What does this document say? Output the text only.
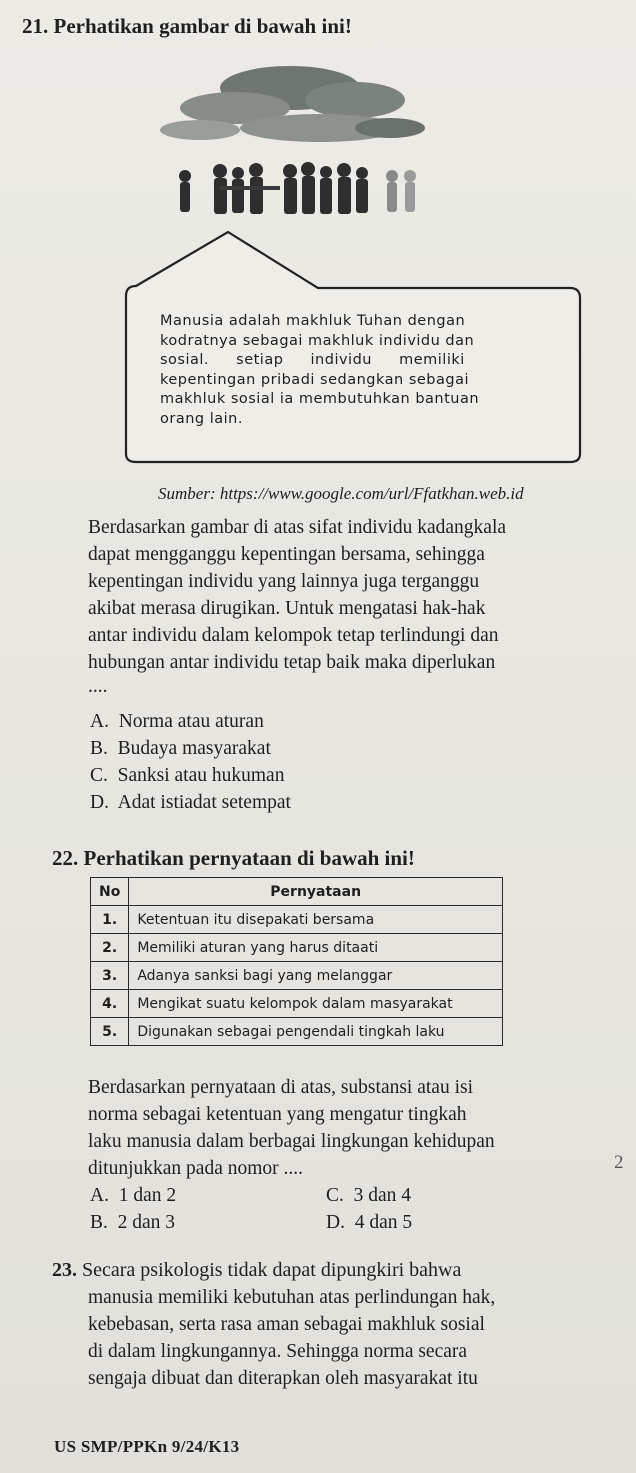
21. Perhatikan gambar di bawah ini!
Manusia adalah makhluk Tuhan dengan
kodratnya sebagai makhluk individu dan
sosial. setiap individu memiliki
kepentingan pribadi sedangkan sebagai
makhluk sosial ia membutuhkan bantuan
orang lain.
Sumber: https://www.google.com/url/Ffatkhan.web.id
Berdasarkan gambar di atas sifat individu kadangkala
dapat mengganggu kepentingan bersama, sehingga
kepentingan individu yang lainnya juga terganggu
akibat merasa dirugikan. Untuk mengatasi hak-hak
antar individu dalam kelompok tetap terlindungi dan
hubungan antar individu tetap baik maka diperlukan
....
A. Norma atau aturan
B. Budaya masyarakat
C. Sanksi atau hukuman
D. Adat istiadat setempat
22. Perhatikan pernyataan di bawah ini!
No	Pernyataan
1.	Ketentuan itu disepakati bersama
2.	Memiliki aturan yang harus ditaati
3.	Adanya sanksi bagi yang melanggar
4.	Mengikat suatu kelompok dalam masyarakat
5.	Digunakan sebagai pengendali tingkah laku
Berdasarkan pernyataan di atas, substansi atau isi
norma sebagai ketentuan yang mengatur tingkah
laku manusia dalam berbagai lingkungan kehidupan
ditunjukkan pada nomor ....
A. 1 dan 2	C. 3 dan 4
B. 2 dan 3	D. 4 dan 5
2
23. Secara psikologis tidak dapat dipungkiri bahwa
manusia memiliki kebutuhan atas perlindungan hak,
kebebasan, serta rasa aman sebagai makhluk sosial
di dalam lingkungannya. Sehingga norma secara
sengaja dibuat dan diterapkan oleh masyarakat itu
US SMP/PPKn 9/24/K13
